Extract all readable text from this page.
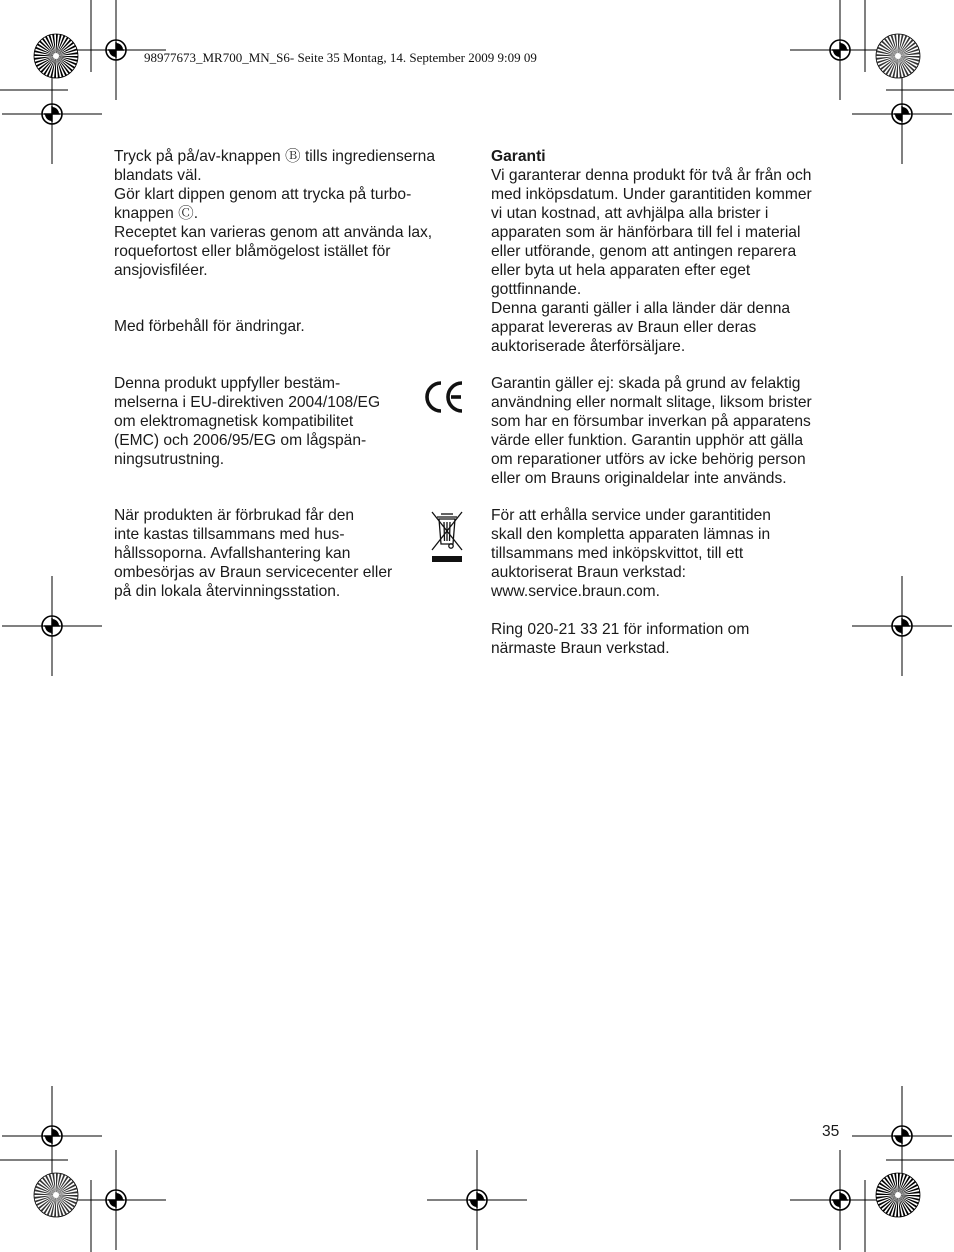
98977673_MR700_MN_S6- Seite 35 Montag, 14. September 2009 9:09 09

Tryck på på/av-knappen Ⓑ tills ingredienserna

blandats väl.

Gör klart dippen genom att trycka på turbo-

knappen Ⓒ.

Receptet kan varieras genom att använda lax,

roquefortost eller blåmögelost istället för

ansjovisfiléer.

Med förbehåll för ändringar.

Denna produkt uppfyller bestäm-

melserna i EU-direktiven 2004/108/EG

om elektromagnetisk kompatibilitet

(EMC) och 2006/95/EG om lågspän-

ningsutrustning.

När produkten är förbrukad får den

inte kastas tillsammans med hus-

hållssoporna. Avfallshantering kan

ombesörjas av Braun servicecenter eller

på din lokala återvinningsstation.

Garanti

Vi garanterar denna produkt för två år från och

med inköpsdatum. Under garantitiden kommer

vi utan kostnad, att avhjälpa alla brister i

apparaten som är hänförbara till fel i material

eller utförande, genom att antingen reparera

eller byta ut hela apparaten efter eget

gottfinnande.

Denna garanti gäller i alla länder där denna

apparat levereras av Braun eller deras

auktoriserade återförsäljare.

Garantin gäller ej: skada på grund av felaktig

användning eller normalt slitage, liksom brister

som har en försumbar inverkan på apparatens

värde eller funktion. Garantin upphör att gälla

om reparationer utförs av icke behörig person

eller om Brauns originaldelar inte används.

För att erhålla service under garantitiden

skall den kompletta apparaten lämnas in

tillsammans med inköpskvittot, till ett

auktoriserat Braun verkstad:

www.service.braun.com.

Ring 020-21 33 21 för information om

närmaste Braun verkstad.

35
